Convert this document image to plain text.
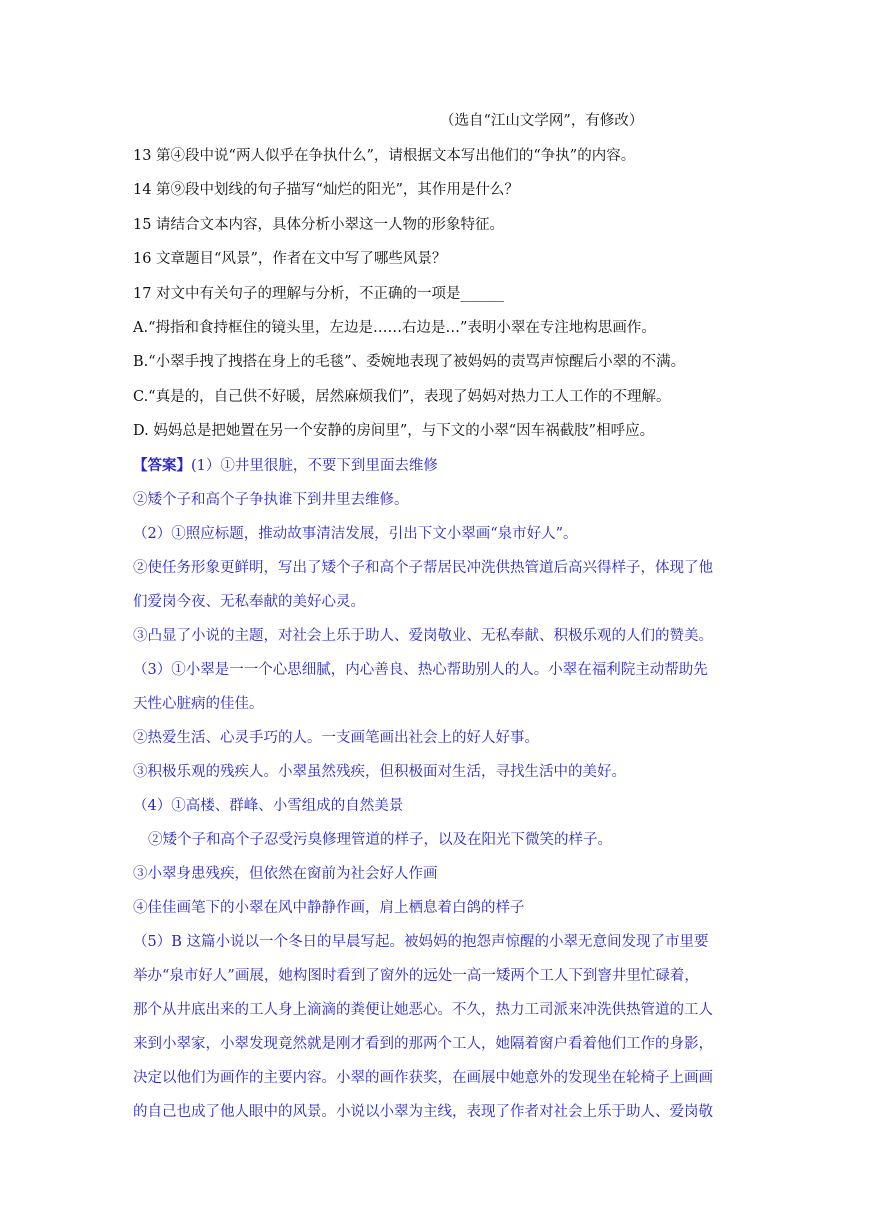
（选自“江山文学网”，有修改）
13 第④段中说“两人似乎在争执什么”，请根据文本写出他们的“争执”的内容。
14 第⑨段中划线的句子描写“灿烂的阳光”，其作用是什么？
15 请结合文本内容，具体分析小翠这一人物的形象特征。
16 文章题目“风景”，作者在文中写了哪些风景？
17 对文中有关句子的理解与分析，不正确的一项是______
A.“拇指和食持框住的镜头里，左边是……右边是…”表明小翠在专注地构思画作。
B.“小翠手拽了拽搭在身上的毛毯”、委婉地表现了被妈妈的责骂声惊醒后小翠的不满。
C.“真是的，自己供不好暖，居然麻烦我们”，表现了妈妈对热力工人工作的不理解。
D. 妈妈总是把她置在另一个安静的房间里”，与下文的小翠“因车祸截肢”相呼应。
【答案】(1）①井里很脏，不要下到里面去维修
②矮个子和高个子争执谁下到井里去维修。
（2）①照应标题，推动故事清洁发展，引出下文小翠画“泉市好人”。
②使任务形象更鲜明，写出了矮个子和高个子帮居民冲洗供热管道后高兴得样子，体现了他
们爱岗今夜、无私奉献的美好心灵。
③凸显了小说的主题，对社会上乐于助人、爱岗敬业、无私奉献、积极乐观的人们的赞美。
（3）①小翠是一一个心思细腻，内心善良、热心帮助别人的人。小翠在福利院主动帮助先
天性心脏病的佳佳。
②热爱生活、心灵手巧的人。一支画笔画出社会上的好人好事。
③积极乐观的残疾人。小翠虽然残疾，但积极面对生活，寻找生活中的美好。
（4）①高楼、群峰、小雪组成的自然美景
②矮个子和高个子忍受污臭修理管道的样子，以及在阳光下微笑的样子。
③小翠身患残疾，但依然在窗前为社会好人作画
④佳佳画笔下的小翠在风中静静作画，肩上栖息着白鸽的样子
（5）B 这篇小说以一个冬日的早晨写起。被妈妈的抱怨声惊醒的小翠无意间发现了市里要
举办“泉市好人”画展，她构图时看到了窗外的远处一高一矮两个工人下到窨井里忙碌着，
那个从井底出来的工人身上滴滴的粪便让她恶心。不久，热力工司派来冲洗供热管道的工人
来到小翠家，小翠发现竟然就是刚才看到的那两个工人，她隔着窗户看着他们工作的身影，
决定以他们为画作的主要内容。小翠的画作获奖，在画展中她意外的发现坐在轮椅子上画画
的自己也成了他人眼中的风景。小说以小翠为主线，表现了作者对社会上乐于助人、爱岗敬
